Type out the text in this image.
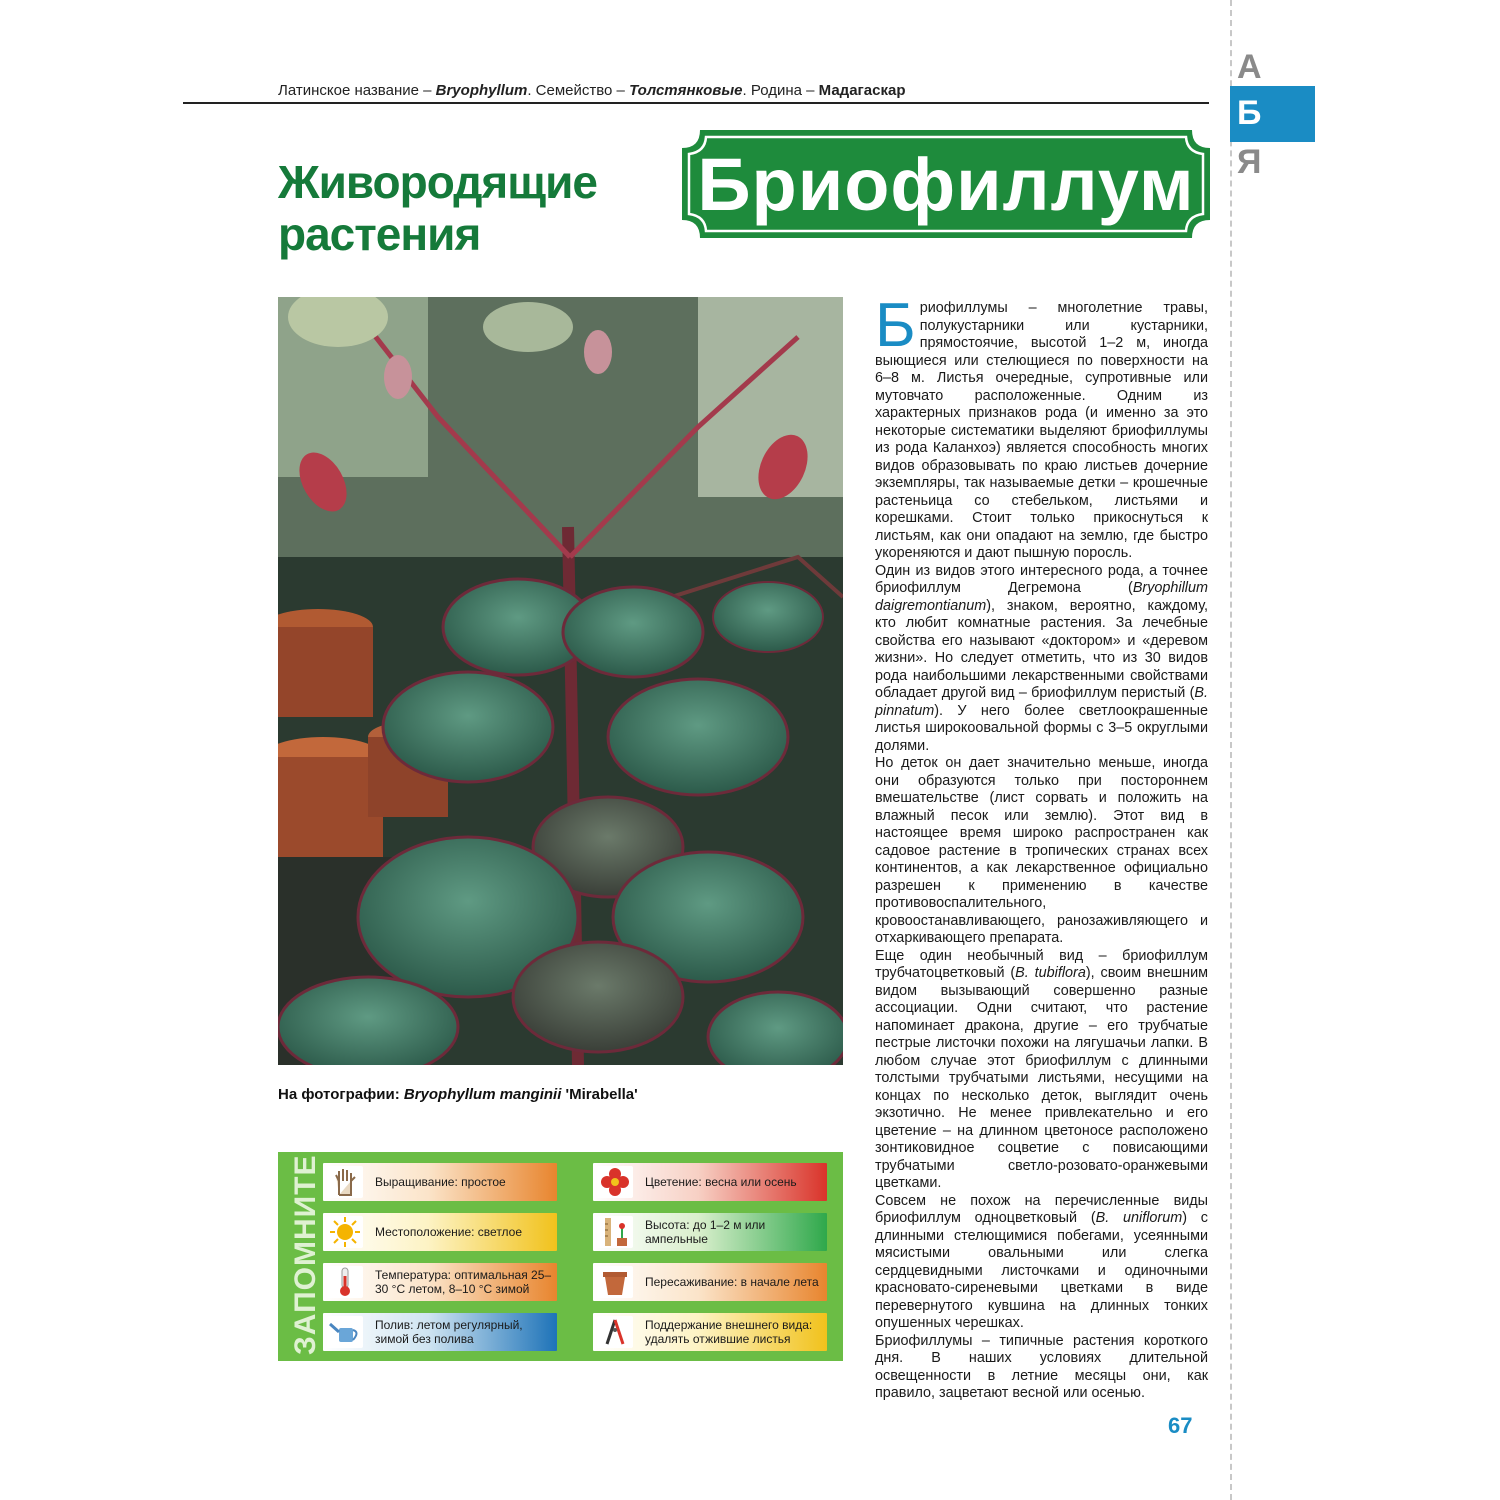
Латинское название – Bryophyllum. Семейство – Толстянковые. Родина – Мадагаскар
А
Б
Я
Живородящие
растения
Бриофиллум
На фотографии: Bryophyllum manginii 'Mirabella'

Бриофиллумы – многолетние травы, полукустарники или кустарники, прямостоячие, высотой 1–2 м, иногда выющиеся или стелющиеся по поверхности на 6–8 м. Листья очередные, супротивные или мутовчато расположенные. Одним из характерных признаков рода (и именно за это некоторые систематики выделяют бриофиллумы из рода Каланхоэ) является способность многих видов образовывать по краю листьев дочерние экземпляры, так называемые детки – крошечные растеньица со стебельком, листьями и корешками. Стоит только прикоснуться к листьям, как они опадают на землю, где быстро укореняются и дают пышную поросль.

Один из видов этого интересного рода, а точнее бриофиллум Дегремона (Bryophillum daigremontianum), знаком, вероятно, каждому, кто любит комнатные растения. За лечебные свойства его называют «доктором» и «деревом жизни». Но следует отметить, что из 30 видов рода наибольшими лекарственными свойствами обладает другой вид – бриофиллум перистый (B. pinnatum). У него более светлоокрашенные листья широкоовальной формы с 3–5 округлыми долями.

Но деток он дает значительно меньше, иногда они образуются только при постороннем вмешательстве (лист сорвать и положить на влажный песок или землю). Этот вид в настоящее время широко распространен как садовое растение в тропических странах всех континентов, а как лекарственное официально разрешен к применению в качестве противовоспалительного, кровоостанавливающего, ранозаживляющего и отхаркивающего препарата.

Еще один необычный вид – бриофиллум трубчатоцветковый (B. tubiflora), своим внешним видом вызывающий совершенно разные ассоциации. Одни считают, что растение напоминает дракона, другие – его трубчатые пестрые листочки похожи на лягушачьи лапки. В любом случае этот бриофиллум с длинными толстыми трубчатыми листьями, несущими на концах по несколько деток, выглядит очень экзотично. Не менее привлекательно и его цветение – на длинном цветоносе расположено зонтиковидное соцветие с повисающими трубчатыми светло-розовато-оранжевыми цветками.

Совсем не похож на перечисленные виды бриофиллум одноцветковый (B. uniflorum) с длинными стелющимися побегами, усеянными мясистыми овальными или слегка сердцевидными листочками и одиночными красновато-сиреневыми цветками в виде перевернутого кувшина на длинных тонких опушенных черешках.

Бриофиллумы – типичные растения короткого дня. В наших условиях длительной освещенности в летние месяцы они, как правило, зацветают весной или осенью.

Выращивание: простое	Цветение: весна или осень
Местоположение: светлое	Высота: до 1–2 м или ампельные
Температура: оптимальная 25–30 °С летом, 8–10 °С зимой	Пересаживание: в начале лета
Полив: летом регулярный, зимой без полива
Поддержание внешнего вида: удалять отжившие листья
ЗАПОМНИТЕ
67
